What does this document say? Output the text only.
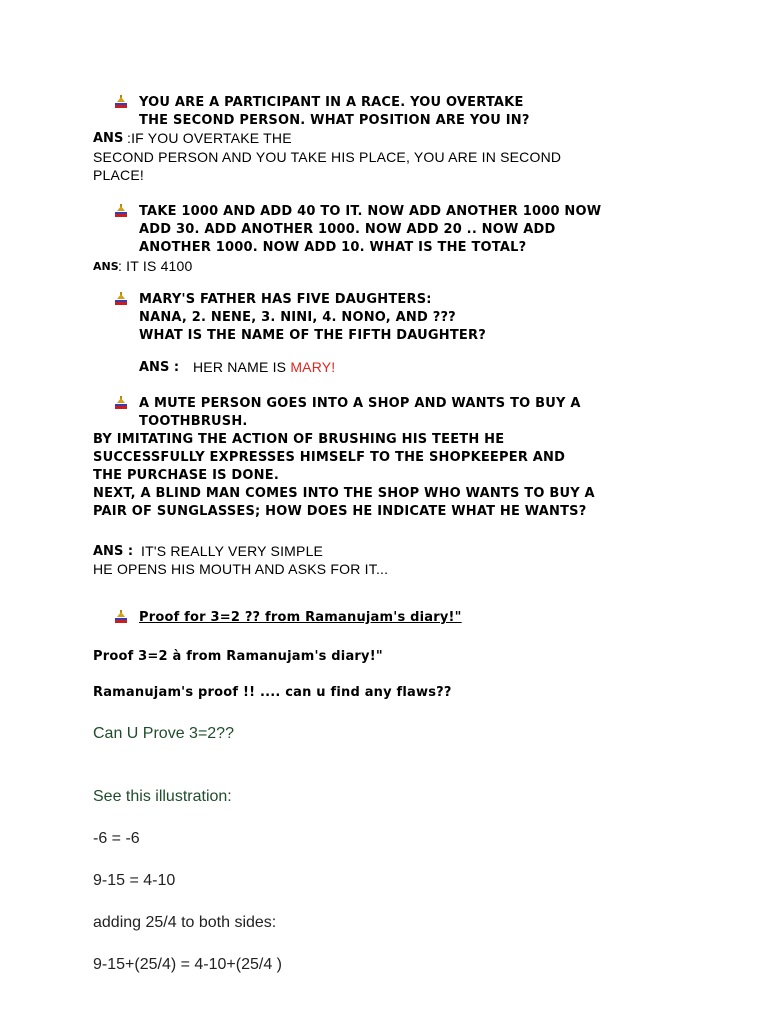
YOU ARE A PARTICIPANT IN A RACE. YOU OVERTAKE
THE SECOND PERSON. WHAT POSITION ARE YOU IN?
ANS :IF YOU OVERTAKE THE
SECOND PERSON AND YOU TAKE HIS PLACE, YOU ARE IN SECOND
PLACE!
TAKE 1000 AND ADD 40 TO IT. NOW ADD ANOTHER 1000 NOW
ADD 30. ADD ANOTHER 1000. NOW ADD 20 .. NOW ADD
ANOTHER 1000. NOW ADD 10. WHAT IS THE TOTAL?
ANS : IT IS 4100
MARY'S FATHER HAS FIVE DAUGHTERS:
NANA, 2. NENE, 3. NINI, 4. NONO, AND ???
WHAT IS THE NAME OF THE FIFTH DAUGHTER?
ANS : HER NAME IS MARY!
A MUTE PERSON GOES INTO A SHOP AND WANTS TO BUY A
TOOTHBRUSH.
BY IMITATING THE ACTION OF BRUSHING HIS TEETH HE
SUCCESSFULLY EXPRESSES HIMSELF TO THE SHOPKEEPER AND
THE PURCHASE IS DONE.
NEXT, A BLIND MAN COMES INTO THE SHOP WHO WANTS TO BUY A
PAIR OF SUNGLASSES; HOW DOES HE INDICATE WHAT HE WANTS?
ANS : IT'S REALLY VERY SIMPLE
HE OPENS HIS MOUTH AND ASKS FOR IT...
Proof for 3=2 ?? from Ramanujam's diary!"
Proof 3=2 à from Ramanujam's diary!"
Ramanujam's proof !! .... can u find any flaws??
Can U Prove 3=2??
See this illustration:
-6 = -6
9-15 = 4-10
adding 25/4 to both sides:
9-15+(25/4) = 4-10+(25/4 )
